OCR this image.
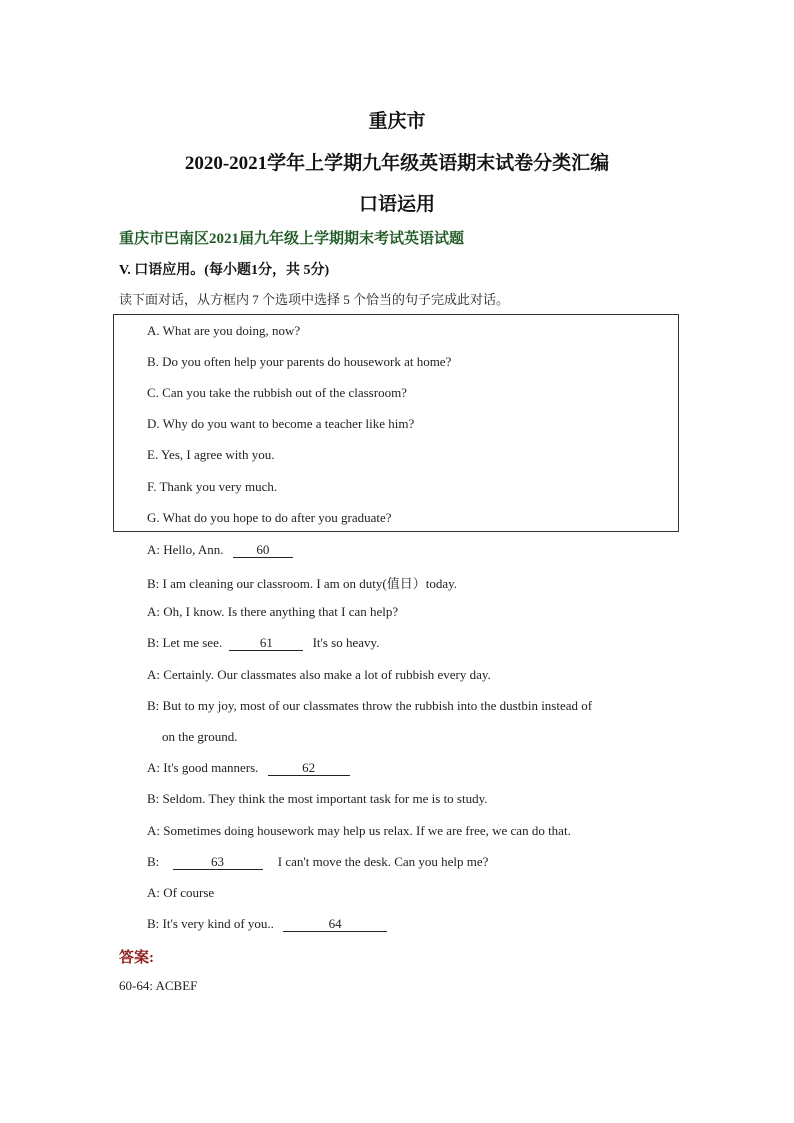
重庆市
2020-2021学年上学期九年级英语期末试卷分类汇编
口语运用
重庆市巴南区2021届九年级上学期期末考试英语试题
V. 口语应用。(每小题1分，共 5分)
读下面对话，从方框内 7 个选项中选择 5 个恰当的句子完成此对话。
A. What are you doing, now?
B. Do you often help your parents do housework at home?
C. Can you take the rubbish out of the classroom?
D. Why do you want to become a teacher like him?
E. Yes, I agree with you.
F. Thank you very much.
G. What do you hope to do after you graduate?
A: Hello, Ann.	60
B: I am cleaning our classroom. I am on duty(值日）today.
A: Oh, I know. Is there anything that I can help?
B: Let me see.	61	It's so heavy.
A: Certainly. Our classmates also make a lot of rubbish every day.
B: But to my joy, most of our classmates throw the rubbish into the dustbin instead of
on the ground.
A: It's good manners.	62
B: Seldom. They think the most important task for me is to study.
A: Sometimes doing housework may help us relax. If we are free, we can do that.
B:	63	I can't move the desk. Can you help me?
A: Of course
B: It's very kind of you..	64
答案:
60-64: ACBEF
